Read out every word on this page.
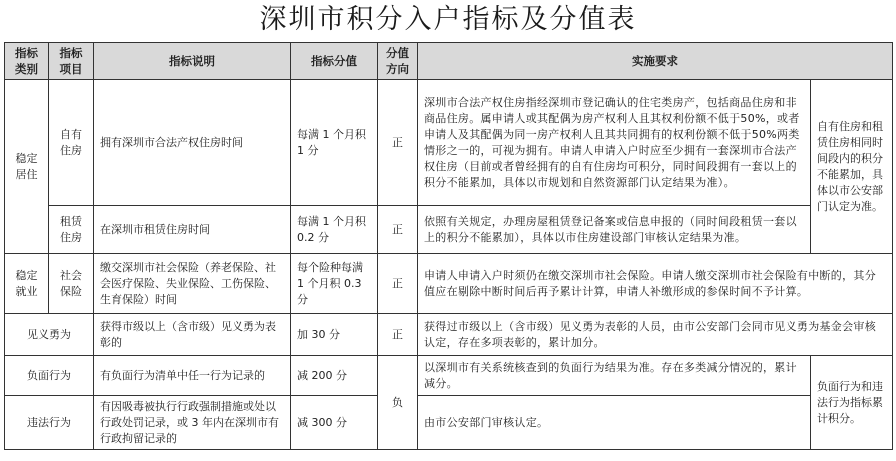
深圳市积分入户指标及分值表
指标类别	指标项目	指标说明	指标分值	分值方向	实施要求	
稳定居住	自有住房	拥有深圳市合法产权住房时间	每满 1 个月积 1 分	正	深圳市合法产权住房指经深圳市登记确认的住宅类房产，包括商品住房和非商品住房。属申请人或其配偶为房产权利人且其权利份额不低于50%，或者申请人及其配偶为同一房产权利人且其共同拥有的权利份额不低于50%两类情形之一的，可视为拥有。申请人申请入户时应至少拥有一套深圳市合法产权住房（目前或者曾经拥有的自有住房均可积分，同时间段拥有一套以上的积分不能累加，具体以市规划和自然资源部门认定结果为准）。	自有住房和租赁住房相同时间段内的积分不能累加，具体以市公安部门认定为准。
	租赁住房	在深圳市租赁住房时间	每满 1 个月积 0.2 分	正	依照有关规定，办理房屋租赁登记备案或信息申报的（同时间段租赁一套以上的积分不能累加），具体以市住房建设部门审核认定结果为准。	
稳定就业	社会保险	缴交深圳市社会保险（养老保险、社会医疗保险、失业保险、工伤保险、生育保险）时间	每个险种每满 1 个月积 0.3 分	正	申请人申请入户时须仍在缴交深圳市社会保险。申请人缴交深圳市社会保险有中断的，其分值应在剔除中断时间后再予累计计算，申请人补缴形成的参保时间不予计算。	
见义勇为		获得市级以上（含市级）见义勇为表彰的	加 30 分	正	获得过市级以上（含市级）见义勇为表彰的人员，由市公安部门会同市见义勇为基金会审核认定，存在多项表彰的，累计加分。	
负面行为		有负面行为清单中任一行为记录的	减 200 分	负	以深圳市有关系统核查到的负面行为结果为准。存在多类减分情况的，累计减分。	负面行为和违法行为指标累计积分。
违法行为		有因吸毒被执行行政强制措施或处以行政处罚记录，或 3 年内在深圳市有行政拘留记录的	减 300 分		由市公安部门审核认定。	
